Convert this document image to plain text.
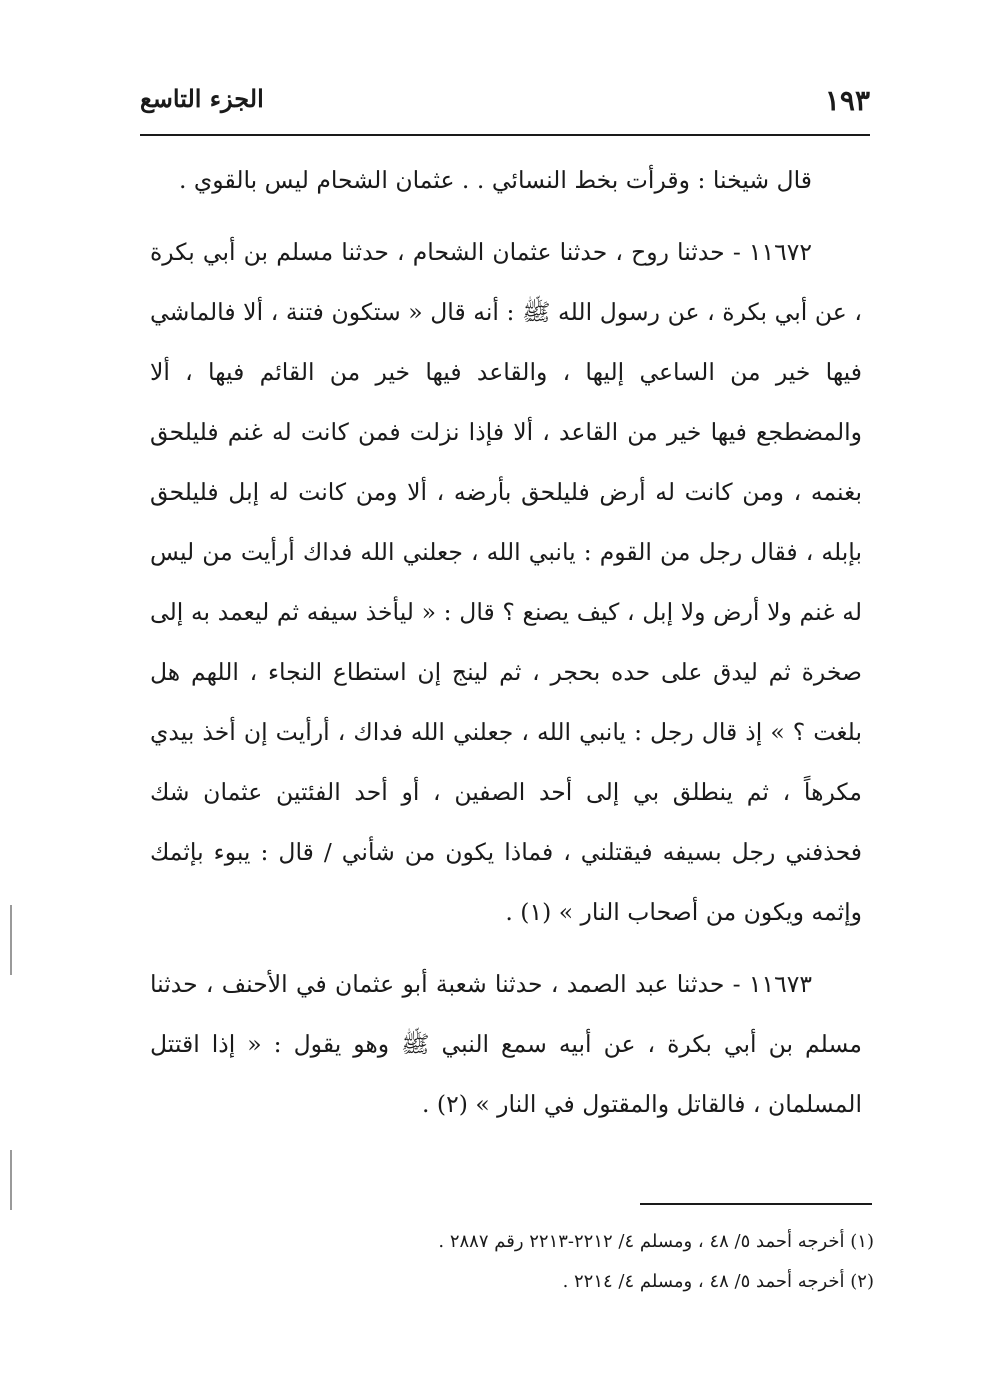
١٩٣
الجزء التاسع

قال شيخنا : وقرأت بخط النسائي . . عثمان الشحام ليس بالقوي .

١١٦٧٢ - حدثنا روح ، حدثنا عثمان الشحام ، حدثنا مسلم بن أبي بكرة ، عن أبي بكرة ، عن رسول الله ﷺ : أنه قال « ستكون فتنة ، ألا فالماشي فيها خير من الساعي إليها ، والقاعد فيها خير من القائم فيها ، ألا والمضطجع فيها خير من القاعد ، ألا فإذا نزلت فمن كانت له غنم فليلحق بغنمه ، ومن كانت له أرض فليلحق بأرضه ، ألا ومن كانت له إبل فليلحق بإبله ، فقال رجل من القوم : يانبي الله ، جعلني الله فداك أرأيت من ليس له غنم ولا أرض ولا إبل ، كيف يصنع ؟ قال : « ليأخذ سيفه ثم ليعمد به إلى صخرة ثم ليدق على حده بحجر ، ثم لينج إن استطاع النجاء ، اللهم هل بلغت ؟ » إذ قال رجل : يانبي الله ، جعلني الله فداك ، أرأيت إن أخذ بيدي مكرهاً ، ثم ينطلق بي إلى أحد الصفين ، أو أحد الفئتين عثمان شك فحذفني رجل بسيفه فيقتلني ، فماذا يكون من شأني / قال : يبوء بإثمك وإثمه ويكون من أصحاب النار » (١) .

١١٦٧٣ - حدثنا عبد الصمد ، حدثنا شعبة أبو عثمان في الأحنف ، حدثنا مسلم بن أبي بكرة ، عن أبيه سمع النبي ﷺ وهو يقول : « إذا اقتتل المسلمان ، فالقاتل والمقتول في النار » (٢) .

(١) أخرجه أحمد ٥/ ٤٨ ، ومسلم ٤/ ٢٢١٢-٢٢١٣ رقم ٢٨٨٧ .
(٢) أخرجه أحمد ٥/ ٤٨ ، ومسلم ٤/ ٢٢١٤ .
